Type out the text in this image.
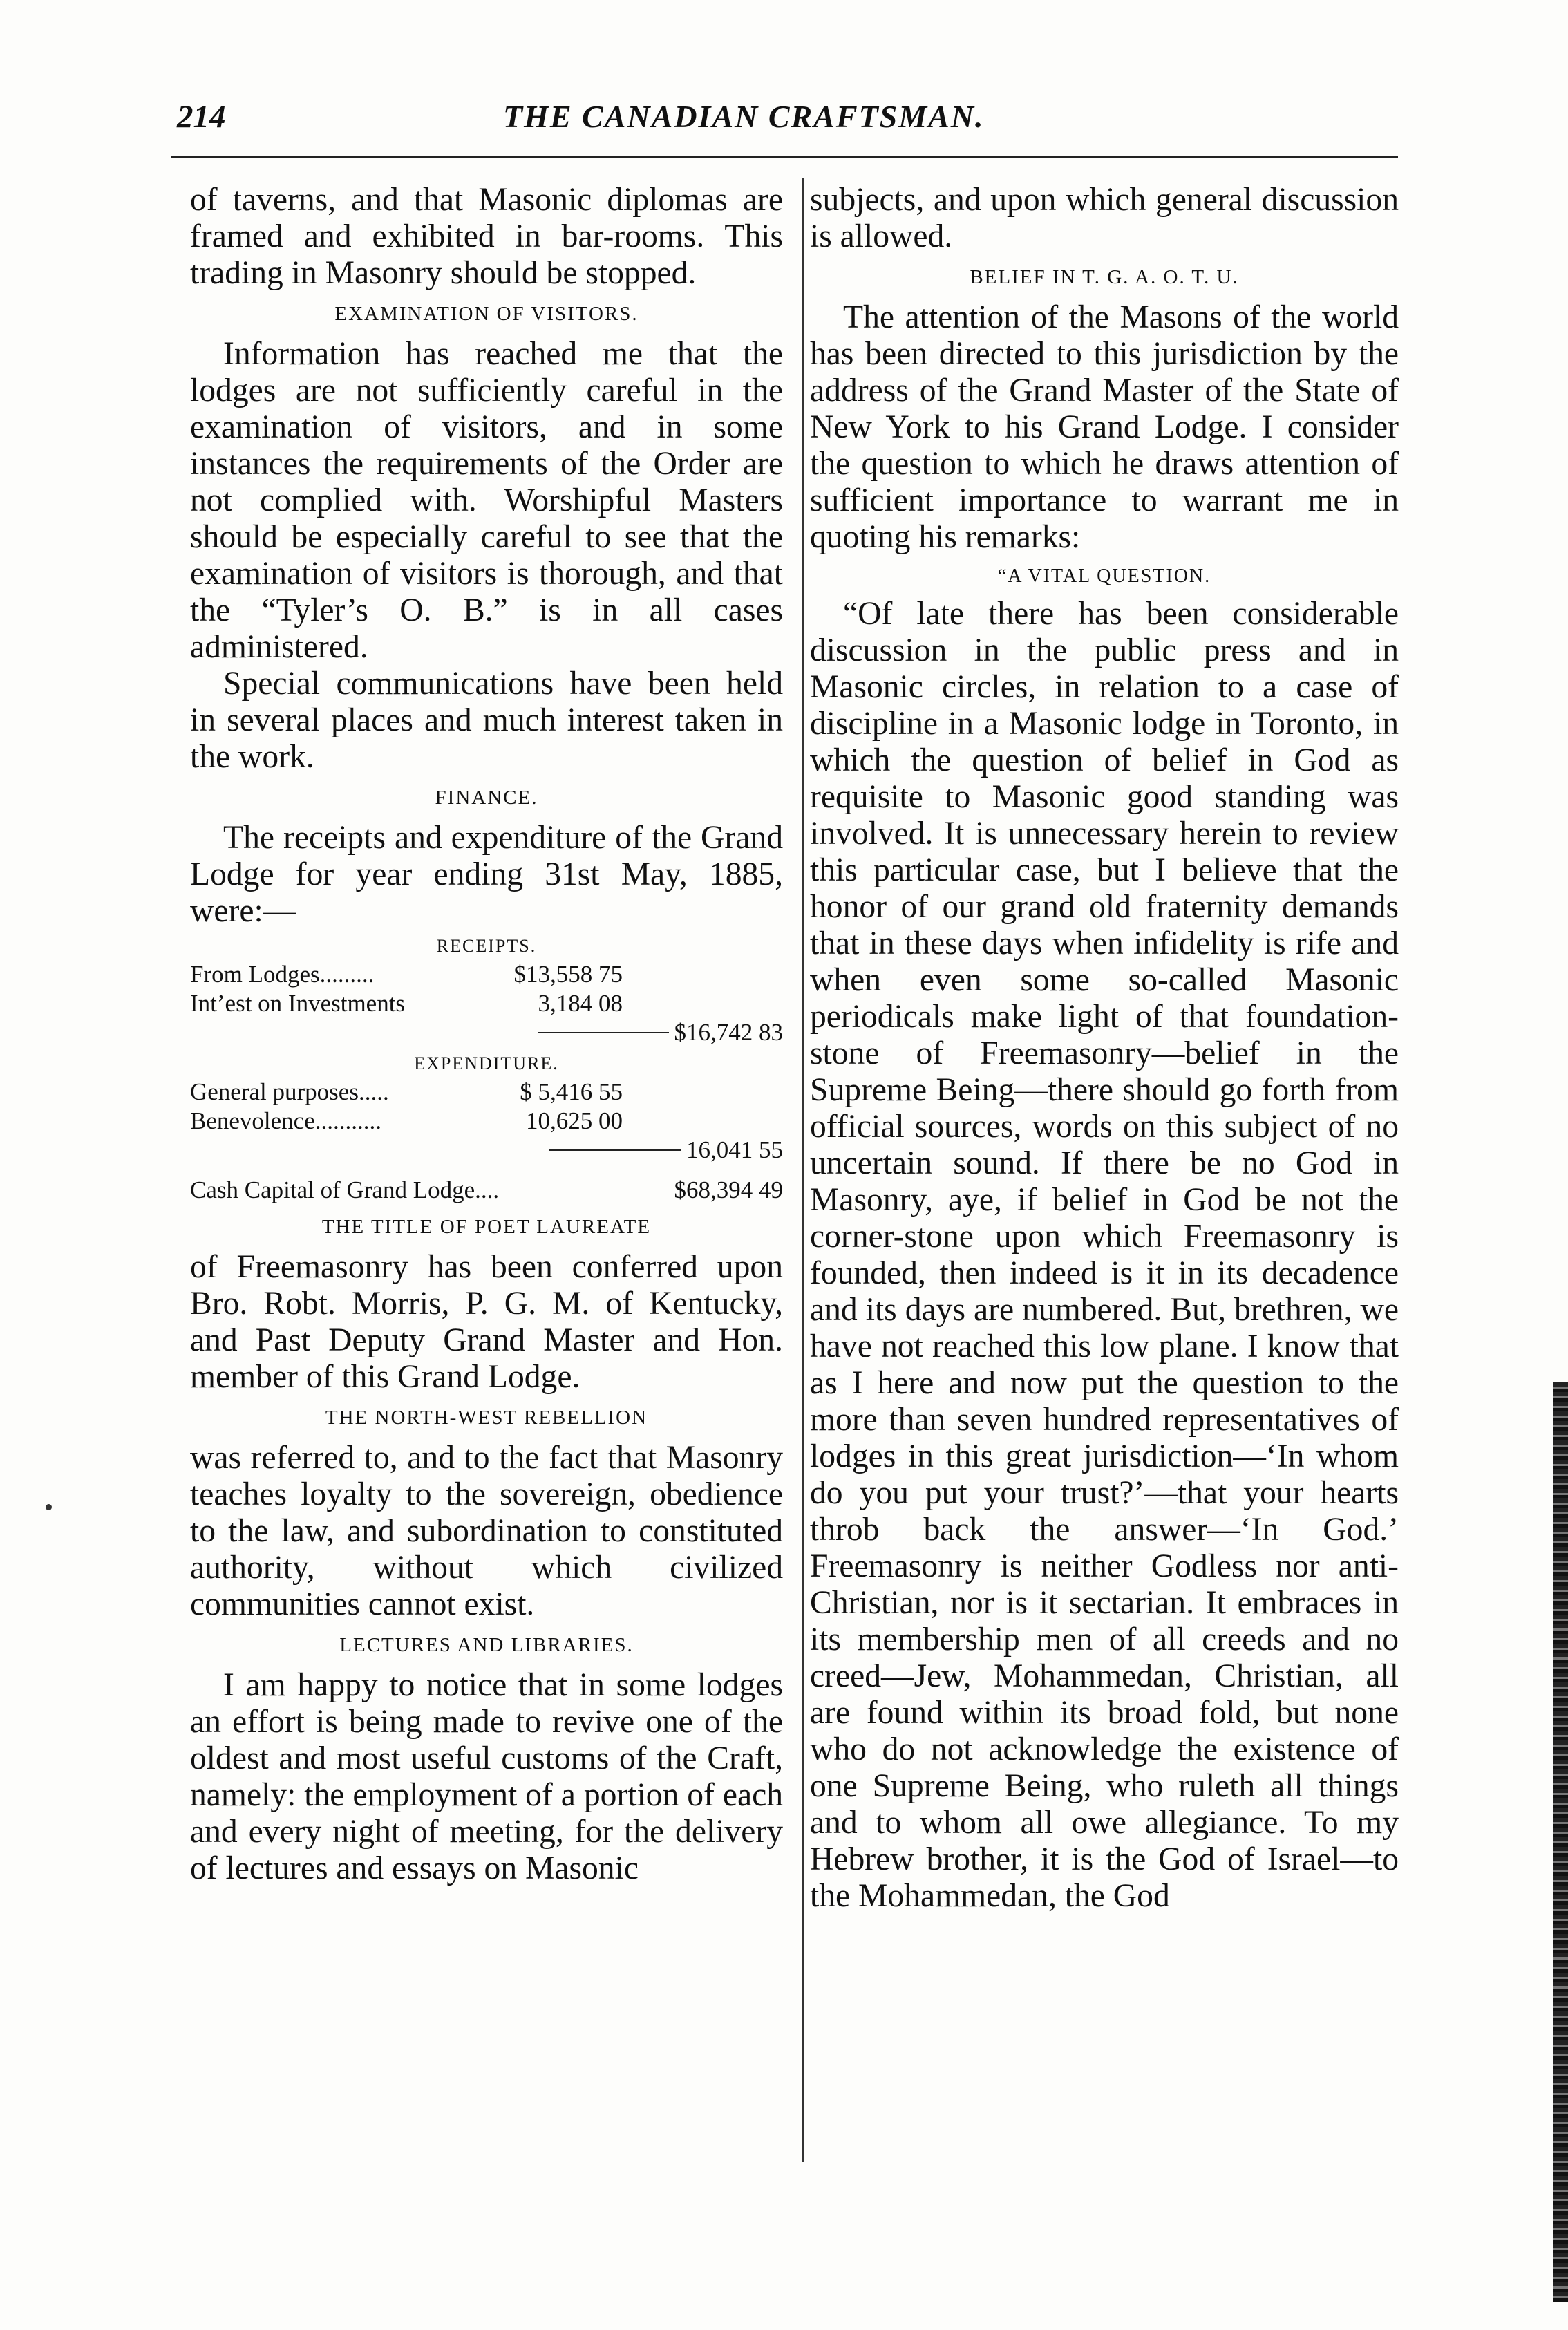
214	THE CANADIAN CRAFTSMAN.

of taverns, and that Masonic diplomas are framed and exhibited in bar-rooms. This trading in Masonry should be stopped.

EXAMINATION OF VISITORS.

Information has reached me that the lodges are not sufficiently careful in the examination of visitors, and in some instances the requirements of the Order are not complied with. Worshipful Masters should be especially careful to see that the examination of visitors is thorough, and that the “Tyler’s O. B.” is in all cases administered.

Special communications have been held in several places and much interest taken in the work.

FINANCE.

The receipts and expenditure of the Grand Lodge for year ending 31st May, 1885, were:—

RECEIPTS.
From Lodges.........	$13,558 75
Int’est on Investments	3,184 08
$16,742 83
EXPENDITURE.
General purposes.....	$ 5,416 55
Benevolence...........	10,625 00
16,041 55
Cash Capital of Grand Lodge....	$68,394 49
THE TITLE OF POET LAUREATE

of Freemasonry has been conferred upon Bro. Robt. Morris, P. G. M. of Kentucky, and Past Deputy Grand Master and Hon. member of this Grand Lodge.

THE NORTH-WEST REBELLION

was referred to, and to the fact that Masonry teaches loyalty to the sovereign, obedience to the law, and subordination to constituted authority, without which civilized communities cannot exist.

LECTURES AND LIBRARIES.

I am happy to notice that in some lodges an effort is being made to revive one of the oldest and most useful customs of the Craft, namely: the employment of a portion of each and every night of meeting, for the delivery of lectures and essays on Masonic

subjects, and upon which general discussion is allowed.

BELIEF IN T. G. A. O. T. U.

The attention of the Masons of the world has been directed to this jurisdiction by the address of the Grand Master of the State of New York to his Grand Lodge. I consider the question to which he draws attention of sufficient importance to warrant me in quoting his remarks:

“A VITAL QUESTION.

“Of late there has been considerable discussion in the public press and in Masonic circles, in relation to a case of discipline in a Masonic lodge in Toronto, in which the question of belief in God as requisite to Masonic good standing was involved. It is unnecessary herein to review this particular case, but I believe that the honor of our grand old fraternity demands that in these days when infidelity is rife and when even some so-called Masonic periodicals make light of that foundation-stone of Freemasonry—belief in the Supreme Being—there should go forth from official sources, words on this subject of no uncertain sound. If there be no God in Masonry, aye, if belief in God be not the corner-stone upon which Freemasonry is founded, then indeed is it in its decadence and its days are numbered. But, brethren, we have not reached this low plane. I know that as I here and now put the question to the more than seven hundred representatives of lodges in this great jurisdiction—‘In whom do you put your trust?’—that your hearts throb back the answer—‘In God.’ Freemasonry is neither Godless nor anti-Christian, nor is it sectarian. It embraces in its membership men of all creeds and no creed—Jew, Mohammedan, Christian, all are found within its broad fold, but none who do not acknowledge the existence of one Supreme Being, who ruleth all things and to whom all owe allegiance. To my Hebrew brother, it is the God of Israel—to the Mohammedan, the God
